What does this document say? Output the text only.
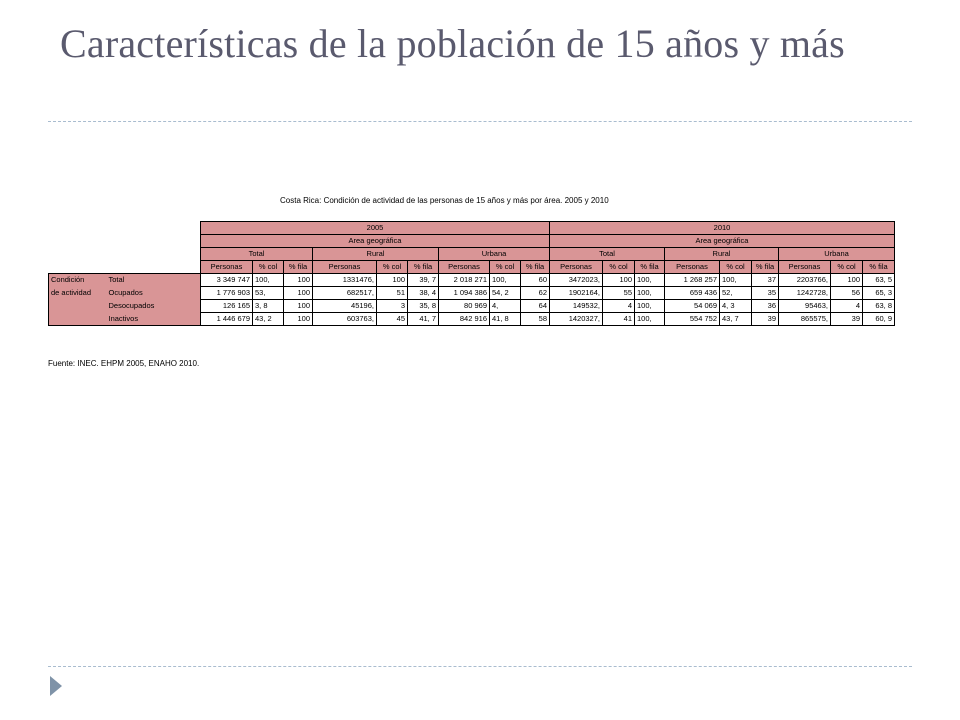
Características de la población de 15 años y más
Costa Rica: Condición de actividad de las personas de 15 años y más por área. 2005 y 2010
		2005									2010								
		Area geográfica									Area geográfica								
		Total			Rural			Urbana			Total			Rural			Urbana		
		Personas	% col	% fila	Personas	% col	% fila	Personas	% col	% fila	Personas	% col	% fila	Personas	% col	% fila	Personas	% col	% fila
Condición	Total	3 349 747	100,	100	1331476,	100	39, 7	2 018 271	100,	60	3472023,	100	100,	1 268 257	100,	37	2203766,	100	63, 5
de actividad	Ocupados	1 776 903	53,	100	682517,	51	38, 4	1 094 386	54, 2	62	1902164,	55	100,	659 436	52,	35	1242728,	56	65, 3
	Desocupados	126 165	3, 8	100	45196,	3	35, 8	80 969	4,	64	149532,	4	100,	54 069	4, 3	36	95463,	4	63, 8
	Inactivos	1 446 679	43, 2	100	603763,	45	41, 7	842 916	41, 8	58	1420327,	41	100,	554 752	43, 7	39	865575,	39	60, 9
Fuente: INEC. EHPM 2005, ENAHO 2010.
